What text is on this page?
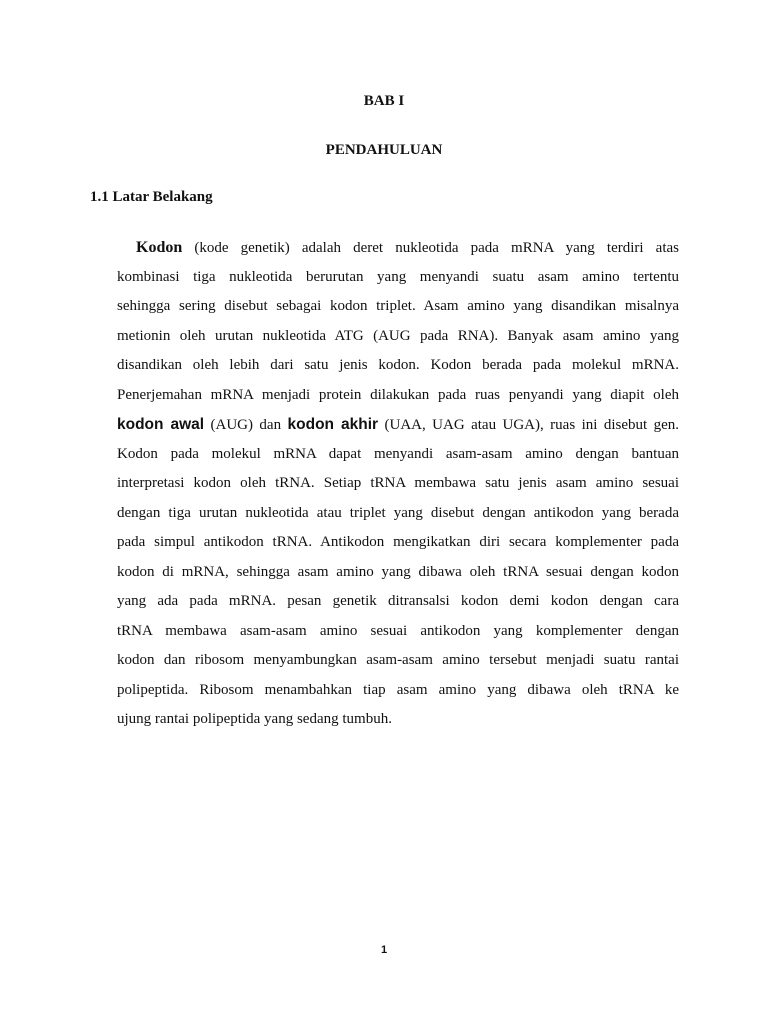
BAB I
PENDAHULUAN
1.1 Latar Belakang
Kodon (kode genetik) adalah deret nukleotida pada mRNA yang terdiri atas
kombinasi tiga nukleotida berurutan yang menyandi suatu asam amino tertentu
sehingga sering disebut sebagai kodon triplet. Asam amino yang disandikan misalnya
metionin oleh urutan nukleotida ATG (AUG pada RNA). Banyak asam amino yang
disandikan oleh lebih dari satu jenis kodon. Kodon berada pada molekul mRNA.
Penerjemahan mRNA menjadi protein dilakukan pada ruas penyandi yang diapit oleh
kodon awal (AUG) dan kodon akhir (UAA, UAG atau UGA), ruas ini disebut gen.
Kodon pada molekul mRNA dapat menyandi asam-asam amino dengan bantuan
interpretasi kodon oleh tRNA. Setiap tRNA membawa satu jenis asam amino sesuai
dengan tiga urutan nukleotida atau triplet yang disebut dengan antikodon yang berada
pada simpul antikodon tRNA. Antikodon mengikatkan diri secara komplementer pada
kodon di mRNA, sehingga asam amino yang dibawa oleh tRNA sesuai dengan kodon
yang ada pada mRNA. pesan genetik ditransalsi kodon demi kodon dengan cara
tRNA membawa asam-asam amino sesuai antikodon yang komplementer dengan
kodon dan ribosom menyambungkan asam-asam amino tersebut menjadi suatu rantai
polipeptida. Ribosom menambahkan tiap asam amino yang dibawa oleh tRNA ke
ujung rantai polipeptida yang sedang tumbuh.
1
